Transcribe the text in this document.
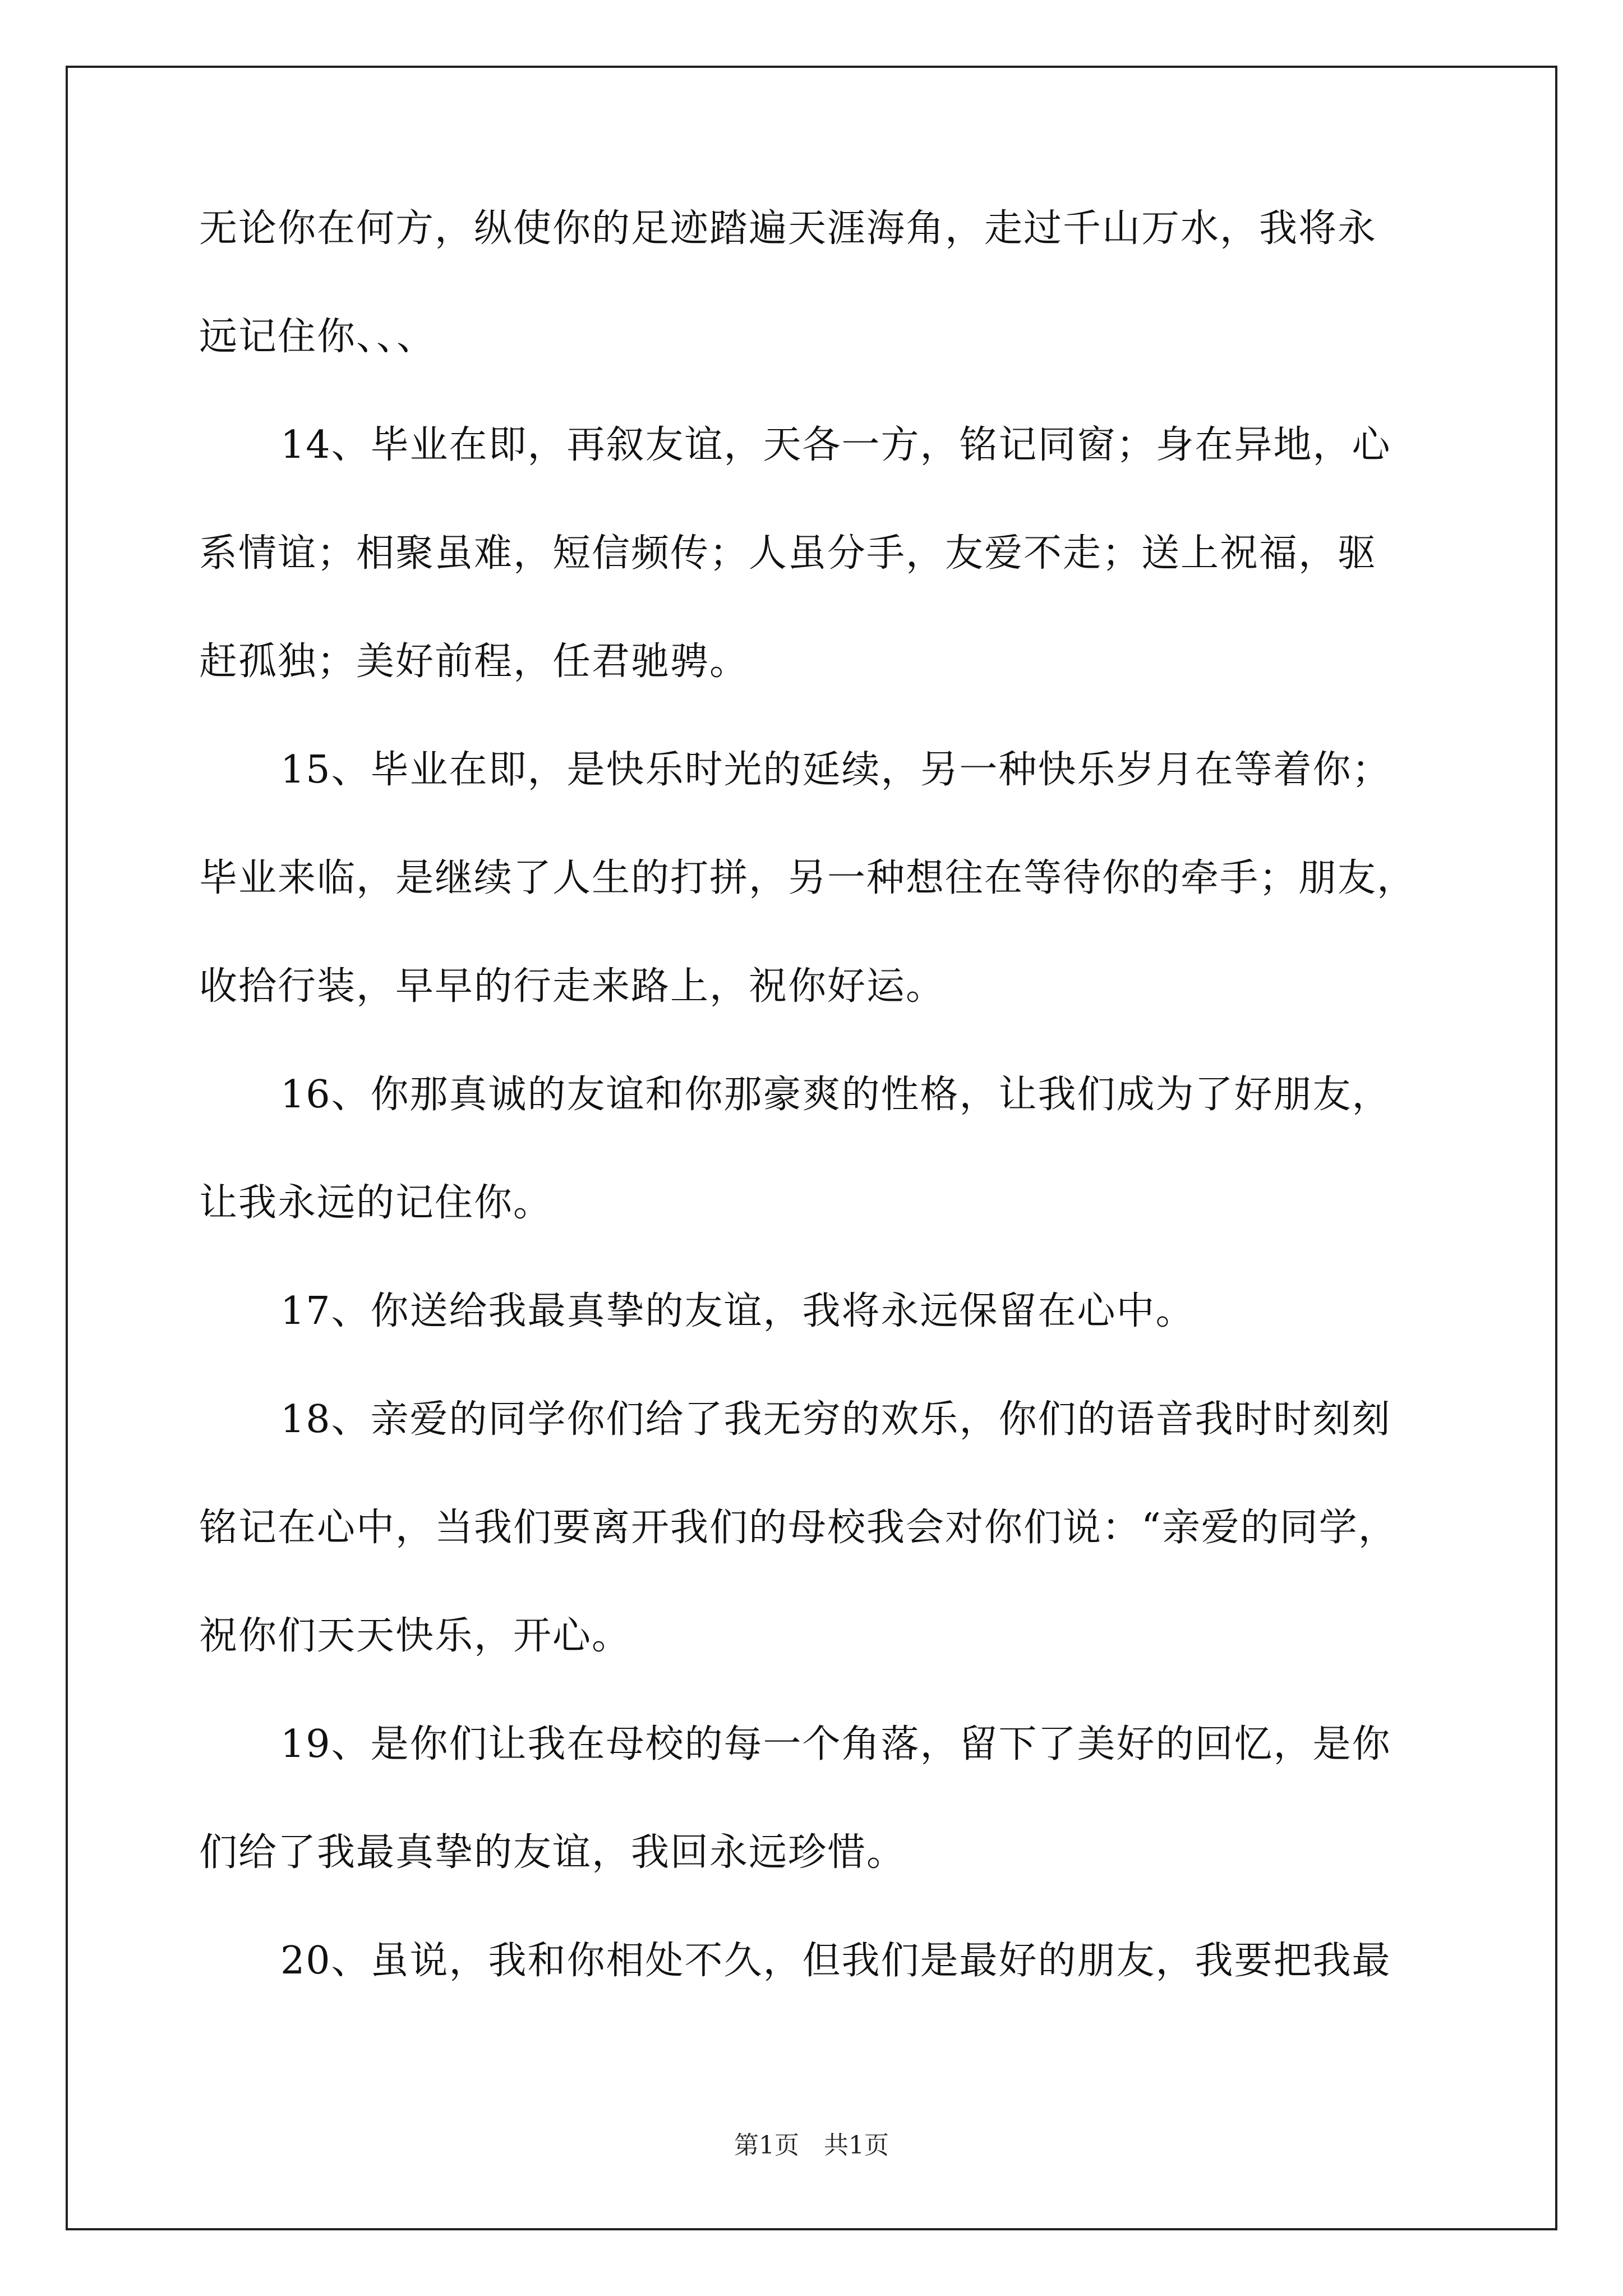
无论你在何方，纵使你的足迹踏遍天涯海角，走过千山万水，我将永
远记住你、、、
14、毕业在即，再叙友谊，天各一方，铭记同窗；身在异地，心
系情谊；相聚虽难，短信频传；人虽分手，友爱不走；送上祝福，驱
赶孤独；美好前程，任君驰骋。
15、毕业在即，是快乐时光的延续，另一种快乐岁月在等着你；
毕业来临，是继续了人生的打拼，另一种想往在等待你的牵手；朋友，
收拾行装，早早的行走来路上，祝你好运。
16、你那真诚的友谊和你那豪爽的性格，让我们成为了好朋友，
让我永远的记住你。
17、你送给我最真挚的友谊，我将永远保留在心中。
18、亲爱的同学你们给了我无穷的欢乐，你们的语音我时时刻刻
铭记在心中，当我们要离开我们的母校我会对你们说：“亲爱的同学，
祝你们天天快乐，开心。
19、是你们让我在母校的每一个角落，留下了美好的回忆，是你
们给了我最真挚的友谊，我回永远珍惜。
20、虽说，我和你相处不久，但我们是最好的朋友，我要把我最
第1页　共1页
